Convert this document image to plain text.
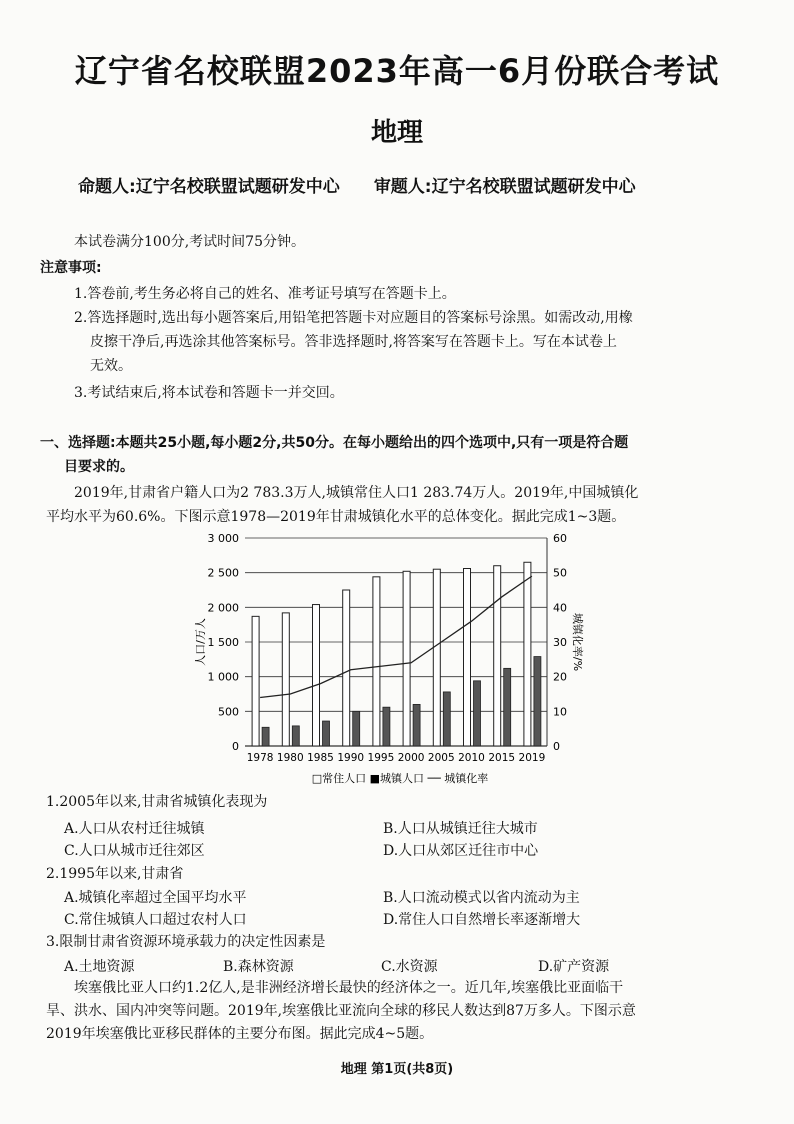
辽宁省名校联盟2023年高一6月份联合考试
地理
命题人:辽宁名校联盟试题研发中心 审题人:辽宁名校联盟试题研发中心
本试卷满分100分,考试时间75分钟。
注意事项:
1.答卷前,考生务必将自己的姓名、准考证号填写在答题卡上。
2.答选择题时,选出每小题答案后,用铅笔把答题卡对应题目的答案标号涂黑。如需改动,用橡
皮擦干净后,再选涂其他答案标号。答非选择题时,将答案写在答题卡上。写在本试卷上
无效。
3.考试结束后,将本试卷和答题卡一并交回。
一、选择题:本题共25小题,每小题2分,共50分。在每小题给出的四个选项中,只有一项是符合题
目要求的。
2019年,甘肃省户籍人口为2 783.3万人,城镇常住人口1 283.74万人。2019年,中国城镇化
平均水平为60.6%。下图示意1978—2019年甘肃城镇化水平的总体变化。据此完成1~3题。
0
500
1 000
1 500
2 000
2 500
3 000
0
10
20
30
40
50
60
1978 1980 1985 1990 1995 2000 2005 2010 2015 2019
人口/万人	城镇化率/%
□常住人口 ■城镇人口 ── 城镇化率
1.2005年以来,甘肃省城镇化表现为
A.人口从农村迁往城镇	B.人口从城镇迁往大城市
C.人口从城市迁往郊区	D.人口从郊区迁往市中心
2.1995年以来,甘肃省
A.城镇化率超过全国平均水平	B.人口流动模式以省内流动为主
C.常住城镇人口超过农村人口	D.常住人口自然增长率逐渐增大
3.限制甘肃省资源环境承载力的决定性因素是
A.土地资源	B.森林资源	C.水资源	D.矿产资源
埃塞俄比亚人口约1.2亿人,是非洲经济增长最快的经济体之一。近几年,埃塞俄比亚面临干
旱、洪水、国内冲突等问题。2019年,埃塞俄比亚流向全球的移民人数达到87万多人。下图示意
2019年埃塞俄比亚移民群体的主要分布图。据此完成4~5题。
地理 第1页(共8页)
